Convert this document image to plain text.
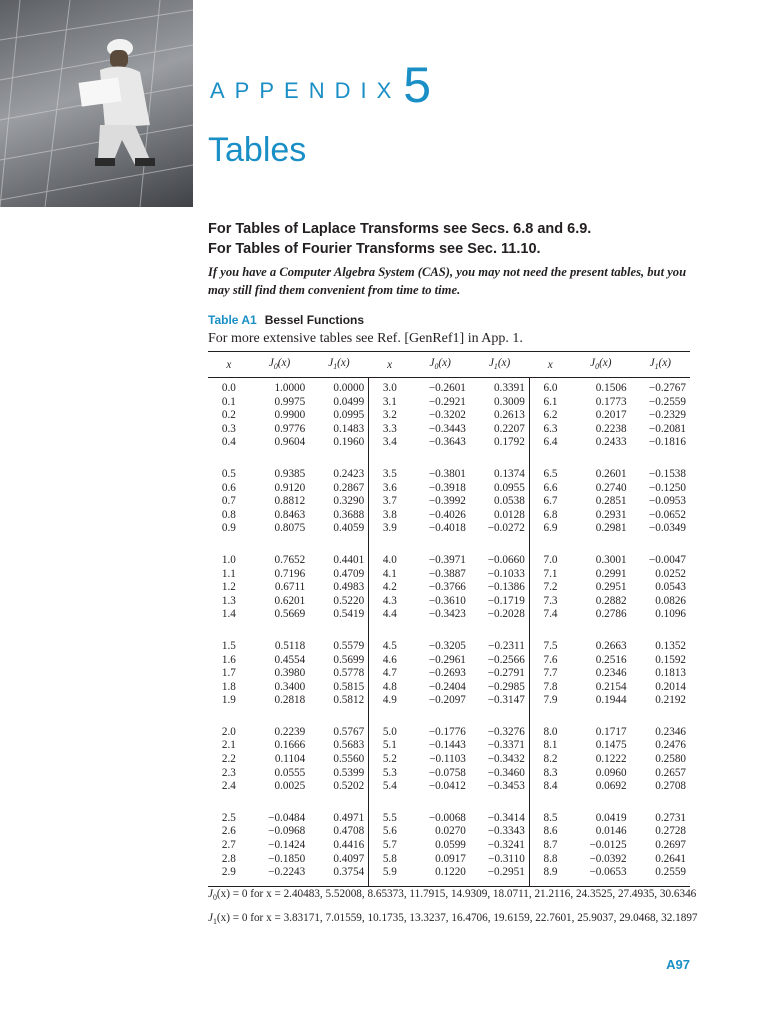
APPENDIX 5
Tables
For Tables of Laplace Transforms see Secs. 6.8 and 6.9.
For Tables of Fourier Transforms see Sec. 11.10.
If you have a Computer Algebra System (CAS), you may not need the present tables, but you may still find them convenient from time to time.
Table A1 Bessel Functions
For more extensive tables see Ref. [GenRef1] in App. 1.
x	$J_0(x)$	$J_1(x)$	x	$J_0(x)$	$J_1(x)$	x	$J_0(x)$	$J_1(x)$
0.0	1.0000	0.0000	3.0	−0.2601	0.3391	6.0	0.1506	−0.2767
0.1	0.9975	0.0499	3.1	−0.2921	0.3009	6.1	0.1773	−0.2559
0.2	0.9900	0.0995	3.2	−0.3202	0.2613	6.2	0.2017	−0.2329
0.3	0.9776	0.1483	3.3	−0.3443	0.2207	6.3	0.2238	−0.2081
0.4	0.9604	0.1960	3.4	−0.3643	0.1792	6.4	0.2433	−0.1816
0.5	0.9385	0.2423	3.5	−0.3801	0.1374	6.5	0.2601	−0.1538
0.6	0.9120	0.2867	3.6	−0.3918	0.0955	6.6	0.2740	−0.1250
0.7	0.8812	0.3290	3.7	−0.3992	0.0538	6.7	0.2851	−0.0953
0.8	0.8463	0.3688	3.8	−0.4026	0.0128	6.8	0.2931	−0.0652
0.9	0.8075	0.4059	3.9	−0.4018	−0.0272	6.9	0.2981	−0.0349
1.0	0.7652	0.4401	4.0	−0.3971	−0.0660	7.0	0.3001	−0.0047
1.1	0.7196	0.4709	4.1	−0.3887	−0.1033	7.1	0.2991	0.0252
1.2	0.6711	0.4983	4.2	−0.3766	−0.1386	7.2	0.2951	0.0543
1.3	0.6201	0.5220	4.3	−0.3610	−0.1719	7.3	0.2882	0.0826
1.4	0.5669	0.5419	4.4	−0.3423	−0.2028	7.4	0.2786	0.1096
1.5	0.5118	0.5579	4.5	−0.3205	−0.2311	7.5	0.2663	0.1352
1.6	0.4554	0.5699	4.6	−0.2961	−0.2566	7.6	0.2516	0.1592
1.7	0.3980	0.5778	4.7	−0.2693	−0.2791	7.7	0.2346	0.1813
1.8	0.3400	0.5815	4.8	−0.2404	−0.2985	7.8	0.2154	0.2014
1.9	0.2818	0.5812	4.9	−0.2097	−0.3147	7.9	0.1944	0.2192
2.0	0.2239	0.5767	5.0	−0.1776	−0.3276	8.0	0.1717	0.2346
2.1	0.1666	0.5683	5.1	−0.1443	−0.3371	8.1	0.1475	0.2476
2.2	0.1104	0.5560	5.2	−0.1103	−0.3432	8.2	0.1222	0.2580
2.3	0.0555	0.5399	5.3	−0.0758	−0.3460	8.3	0.0960	0.2657
2.4	0.0025	0.5202	5.4	−0.0412	−0.3453	8.4	0.0692	0.2708
2.5	−0.0484	0.4971	5.5	−0.0068	−0.3414	8.5	0.0419	0.2731
2.6	−0.0968	0.4708	5.6	0.0270	−0.3343	8.6	0.0146	0.2728
2.7	−0.1424	0.4416	5.7	0.0599	−0.3241	8.7	−0.0125	0.2697
2.8	−0.1850	0.4097	5.8	0.0917	−0.3110	8.8	−0.0392	0.2641
2.9	−0.2243	0.3754	5.9	0.1220	−0.2951	8.9	−0.0653	0.2559
$J_0(x) = 0$ for x = 2.40483, 5.52008, 8.65373, 11.7915, 14.9309, 18.0711, 21.2116, 24.3525, 27.4935, 30.6346
$J_1(x) = 0$ for x = 3.83171, 7.01559, 10.1735, 13.3237, 16.4706, 19.6159, 22.7601, 25.9037, 29.0468, 32.1897
A97
